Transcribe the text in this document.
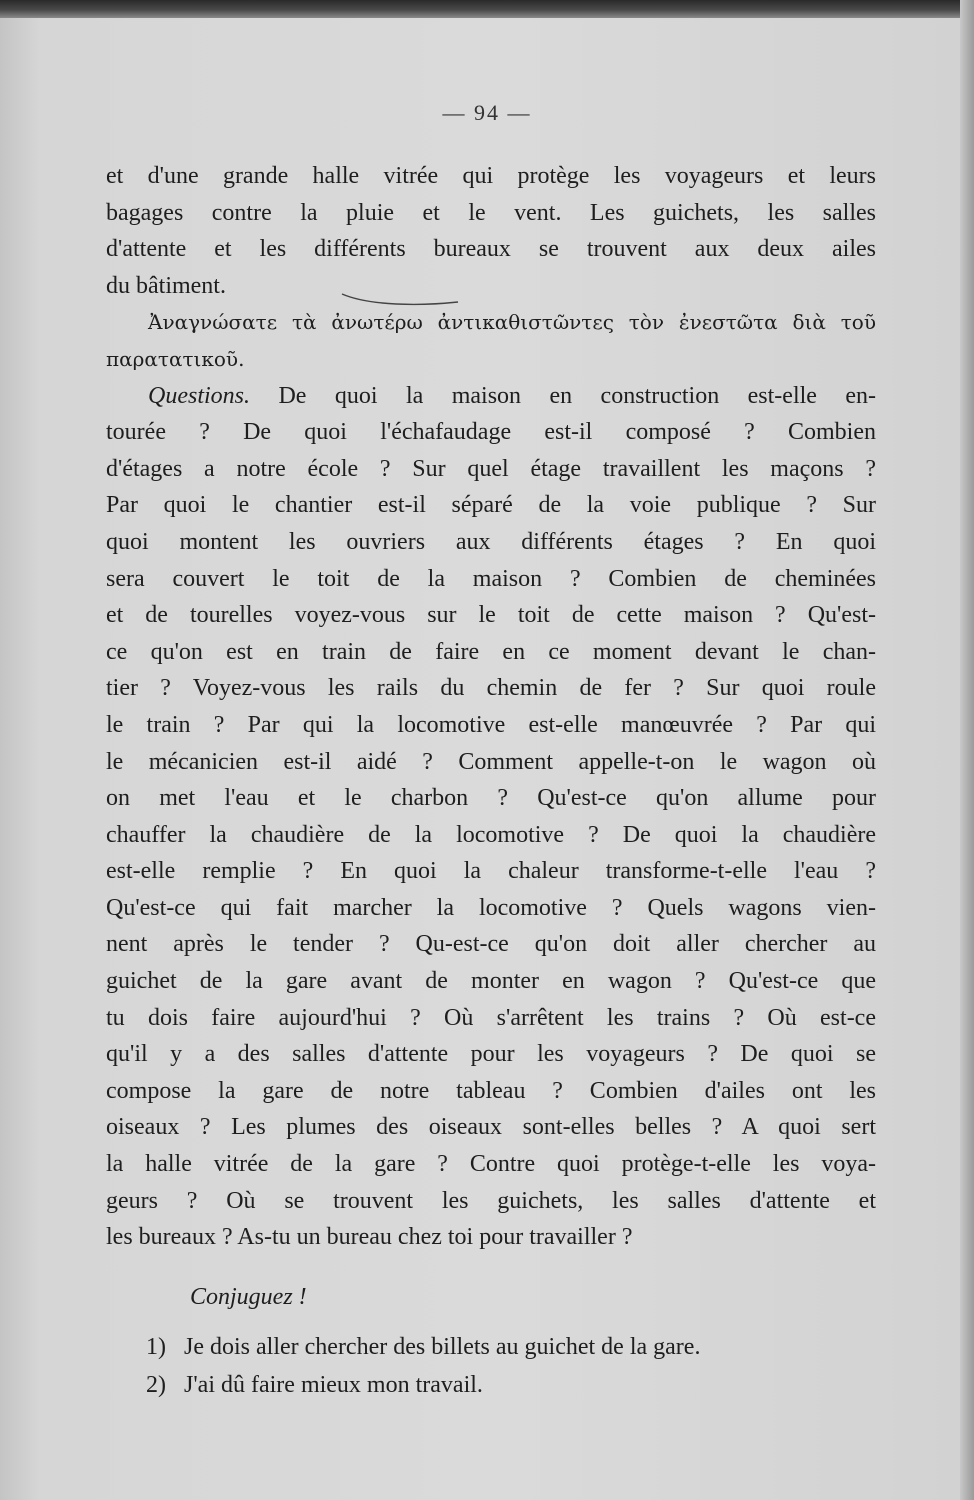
— 94 —
et d'une grande halle vitrée qui protège les voyageurs et leurs
bagages contre la pluie et le vent. Les guichets, les salles
d'attente et les différents bureaux se trouvent aux deux ailes
du bâtiment.
Ἀναγνώσατε τὰ ἀνωτέρω ἀντικαθιστῶντες τὸν ἐνεστῶτα διὰ τοῦ
παρατατικοῦ.
Questions. De quoi la maison en construction est-elle en-
tourée ? De quoi l'échafaudage est-il composé ? Combien
d'étages a notre école ? Sur quel étage travaillent les maçons ?
Par quoi le chantier est-il séparé de la voie publique ? Sur
quoi montent les ouvriers aux différents étages ? En quoi
sera couvert le toit de la maison ? Combien de cheminées
et de tourelles voyez-vous sur le toit de cette maison ? Qu'est-
ce qu'on est en train de faire en ce moment devant le chan-
tier ? Voyez-vous les rails du chemin de fer ? Sur quoi roule
le train ? Par qui la locomotive est-elle manœuvrée ? Par qui
le mécanicien est-il aidé ? Comment appelle-t-on le wagon où
on met l'eau et le charbon ? Qu'est-ce qu'on allume pour
chauffer la chaudière de la locomotive ? De quoi la chaudière
est-elle remplie ? En quoi la chaleur transforme-t-elle l'eau ?
Qu'est-ce qui fait marcher la locomotive ? Quels wagons vien-
nent après le tender ? Qu-est-ce qu'on doit aller chercher au
guichet de la gare avant de monter en wagon ? Qu'est-ce que
tu dois faire aujourd'hui ? Où s'arrêtent les trains ? Où est-ce
qu'il y a des salles d'attente pour les voyageurs ? De quoi se
compose la gare de notre tableau ? Combien d'ailes ont les
oiseaux ? Les plumes des oiseaux sont-elles belles ? A quoi sert
la halle vitrée de la gare ? Contre quoi protège-t-elle les voya-
geurs ? Où se trouvent les guichets, les salles d'attente et
les bureaux ? As-tu un bureau chez toi pour travailler ?
Conjuguez !
1) Je dois aller chercher des billets au guichet de la gare.
2) J'ai dû faire mieux mon travail.
